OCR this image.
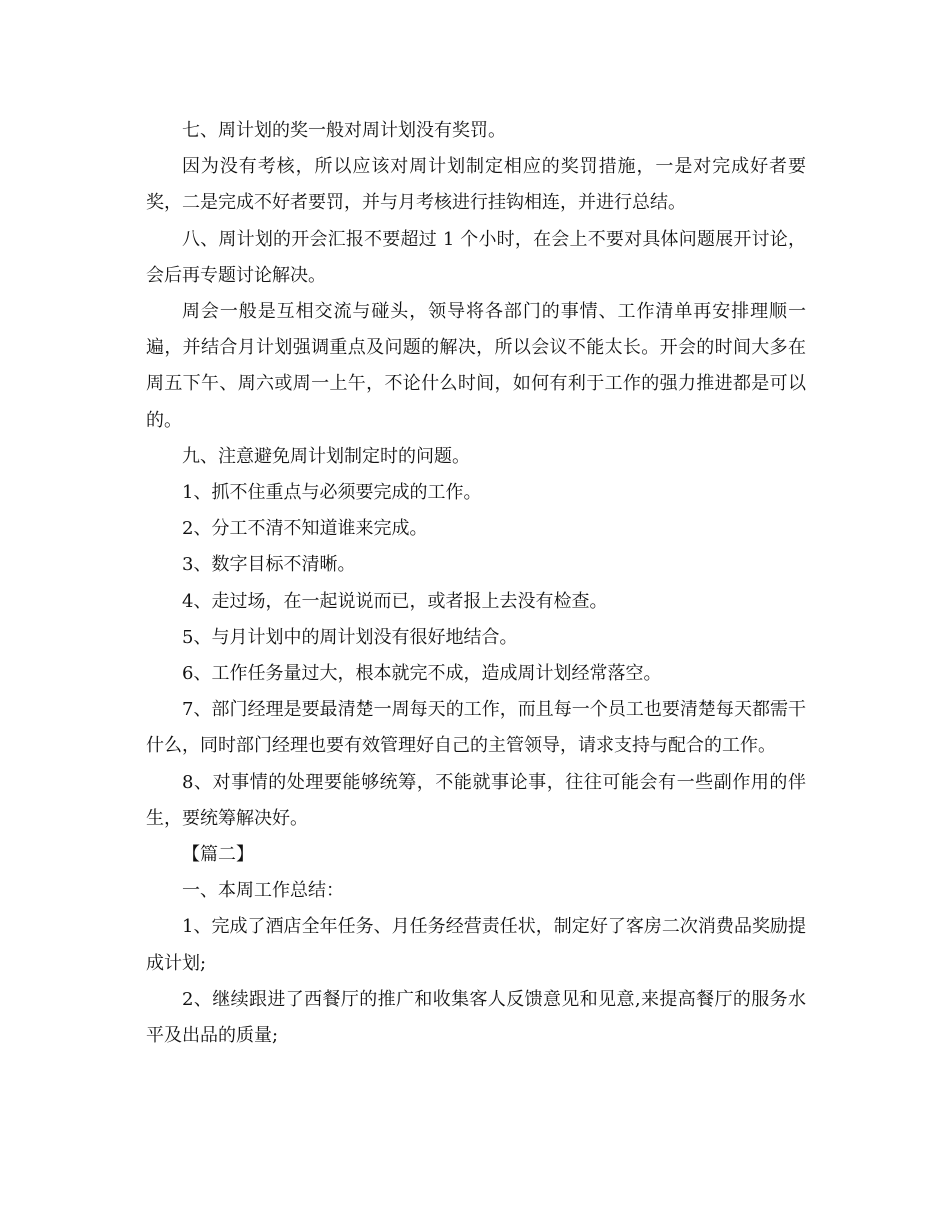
七、周计划的奖一般对周计划没有奖罚。

因为没有考核，所以应该对周计划制定相应的奖罚措施，一是对完成好者要奖，二是完成不好者要罚，并与月考核进行挂钩相连，并进行总结。

八、周计划的开会汇报不要超过 1 个小时，在会上不要对具体问题展开讨论，会后再专题讨论解决。

周会一般是互相交流与碰头，领导将各部门的事情、工作清单再安排理顺一遍，并结合月计划强调重点及问题的解决，所以会议不能太长。开会的时间大多在周五下午、周六或周一上午，不论什么时间，如何有利于工作的强力推进都是可以的。

九、注意避免周计划制定时的问题。

1、抓不住重点与必须要完成的工作。

2、分工不清不知道谁来完成。

3、数字目标不清晰。

4、走过场，在一起说说而已，或者报上去没有检查。

5、与月计划中的周计划没有很好地结合。

6、工作任务量过大，根本就完不成，造成周计划经常落空。

7、部门经理是要最清楚一周每天的工作，而且每一个员工也要清楚每天都需干什么，同时部门经理也要有效管理好自己的主管领导，请求支持与配合的工作。

8、对事情的处理要能够统筹，不能就事论事，往往可能会有一些副作用的伴生，要统筹解决好。

【篇二】

一、本周工作总结：

1、完成了酒店全年任务、月任务经营责任状，制定好了客房二次消费品奖励提成计划;

2、继续跟进了西餐厅的推广和收集客人反馈意见和见意,来提高餐厅的服务水平及出品的质量;
